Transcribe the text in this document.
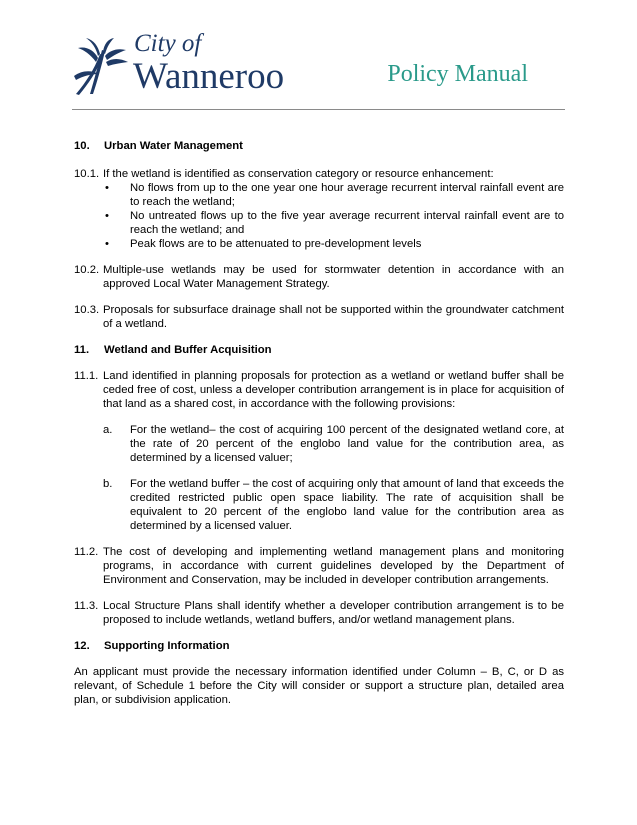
City of
Wanneroo	Policy Manual

10. Urban Water Management

10.1. If the wetland is identified as conservation category or resource enhancement:
•	No flows from up to the one year one hour average recurrent interval rainfall event are to reach the wetland;
•	No untreated flows up to the five year average recurrent interval rainfall event are to reach the wetland; and
•	Peak flows are to be attenuated to pre-development levels
10.2. Multiple-use wetlands may be used for stormwater detention in accordance with an approved Local Water Management Strategy.
10.3. Proposals for subsurface drainage shall not be supported within the groundwater catchment of a wetland.

11. Wetland and Buffer Acquisition

11.1. Land identified in planning proposals for protection as a wetland or wetland buffer shall be ceded free of cost, unless a developer contribution arrangement is in place for acquisition of that land as a shared cost, in accordance with the following provisions:
a.	For the wetland– the cost of acquiring 100 percent of the designated wetland core, at the rate of 20 percent of the englobo land value for the contribution area, as determined by a licensed valuer;
b.	For the wetland buffer – the cost of acquiring only that amount of land that exceeds the credited restricted public open space liability. The rate of acquisition shall be equivalent to 20 percent of the englobo land value for the contribution area as determined by a licensed valuer.
11.2. The cost of developing and implementing wetland management plans and monitoring programs, in accordance with current guidelines developed by the Department of Environment and Conservation, may be included in developer contribution arrangements.
11.3. Local Structure Plans shall identify whether a developer contribution arrangement is to be proposed to include wetlands, wetland buffers, and/or wetland management plans.

12. Supporting Information

An applicant must provide the necessary information identified under Column – B, C, or D as relevant, of Schedule 1 before the City will consider or support a structure plan, detailed area plan, or subdivision application.
